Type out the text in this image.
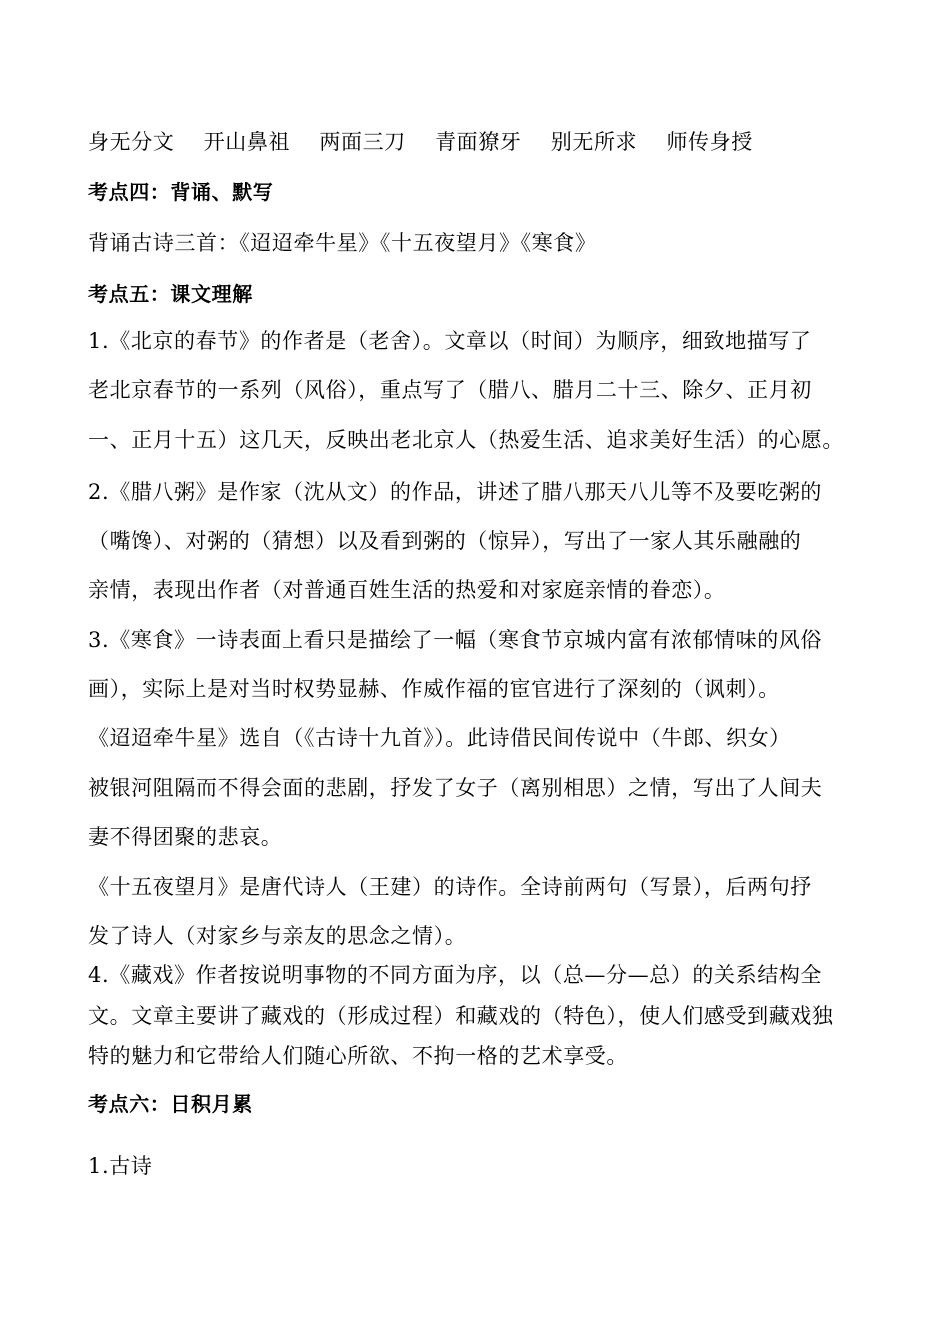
身无分文 开山鼻祖 两面三刀 青面獠牙 别无所求 师传身授
考点四：背诵、默写
背诵古诗三首：《迢迢牵牛星》《十五夜望月》《寒食》
考点五：课文理解
1.《北京的春节》的作者是（老舍）。文章以（时间）为顺序，细致地描写了
老北京春节的一系列（风俗），重点写了（腊八、腊月二十三、除夕、正月初
一、正月十五）这几天，反映出老北京人（热爱生活、追求美好生活）的心愿。
2.《腊八粥》是作家（沈从文）的作品，讲述了腊八那天八儿等不及要吃粥的
（嘴馋）、对粥的（猜想）以及看到粥的（惊异），写出了一家人其乐融融的
亲情，表现出作者（对普通百姓生活的热爱和对家庭亲情的眷恋）。
3.《寒食》一诗表面上看只是描绘了一幅（寒食节京城内富有浓郁情味的风俗
画），实际上是对当时权势显赫、作威作福的宦官进行了深刻的（讽刺）。
《迢迢牵牛星》选自（《古诗十九首》）。此诗借民间传说中（牛郎、织女）
被银河阻隔而不得会面的悲剧，抒发了女子（离别相思）之情，写出了人间夫
妻不得团聚的悲哀。
《十五夜望月》是唐代诗人（王建）的诗作。全诗前两句（写景），后两句抒
发了诗人（对家乡与亲友的思念之情）。
4.《藏戏》作者按说明事物的不同方面为序，以（总—分—总）的关系结构全
文。文章主要讲了藏戏的（形成过程）和藏戏的（特色），使人们感受到藏戏独
特的魅力和它带给人们随心所欲、不拘一格的艺术享受。
考点六：日积月累
1.古诗
